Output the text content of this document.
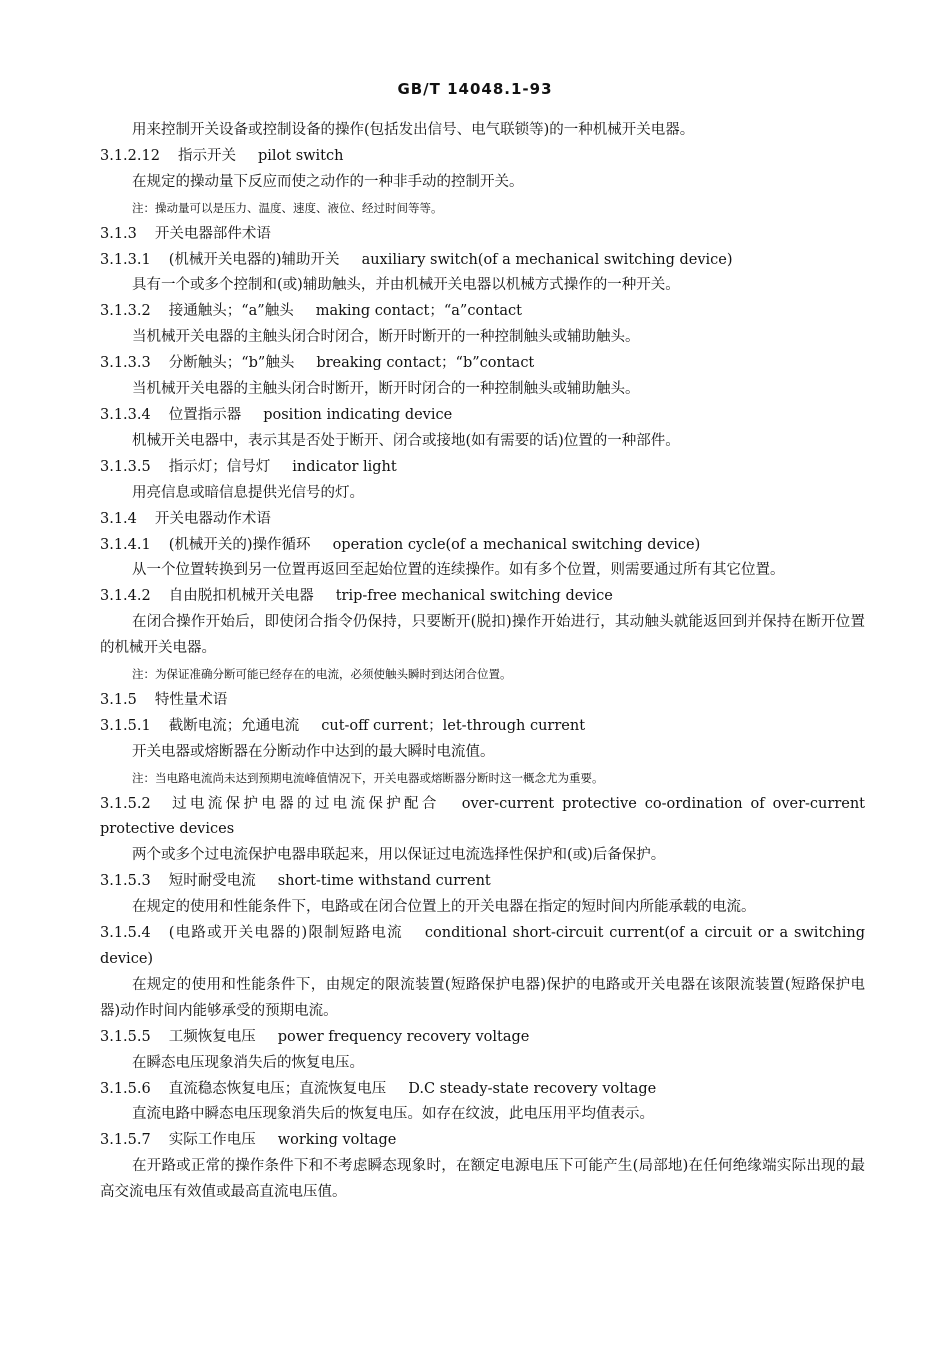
GB/T 14048.1-93
用来控制开关设备或控制设备的操作(包括发出信号、电气联锁等)的一种机械开关电器。
3.1.2.12 指示开关 pilot switch
在规定的操动量下反应而使之动作的一种非手动的控制开关。
注：操动量可以是压力、温度、速度、液位、经过时间等等。
3.1.3 开关电器部件术语
3.1.3.1 (机械开关电器的)辅助开关 auxiliary switch(of a mechanical switching device)
具有一个或多个控制和(或)辅助触头，并由机械开关电器以机械方式操作的一种开关。
3.1.3.2 接通触头；“a”触头 making contact；“a”contact
当机械开关电器的主触头闭合时闭合，断开时断开的一种控制触头或辅助触头。
3.1.3.3 分断触头；“b”触头 breaking contact；“b”contact
当机械开关电器的主触头闭合时断开，断开时闭合的一种控制触头或辅助触头。
3.1.3.4 位置指示器 position indicating device
机械开关电器中，表示其是否处于断开、闭合或接地(如有需要的话)位置的一种部件。
3.1.3.5 指示灯；信号灯 indicator light
用亮信息或暗信息提供光信号的灯。
3.1.4 开关电器动作术语
3.1.4.1 (机械开关的)操作循环 operation cycle(of a mechanical switching device)
从一个位置转换到另一位置再返回至起始位置的连续操作。如有多个位置，则需要通过所有其它位置。
3.1.4.2 自由脱扣机械开关电器 trip-free mechanical switching device
在闭合操作开始后，即使闭合指令仍保持，只要断开(脱扣)操作开始进行，其动触头就能返回到并保持在断开位置的机械开关电器。
注：为保证准确分断可能已经存在的电流，必须使触头瞬时到达闭合位置。
3.1.5 特性量术语
3.1.5.1 截断电流；允通电流 cut-off current；let-through current
开关电器或熔断器在分断动作中达到的最大瞬时电流值。
注：当电路电流尚未达到预期电流峰值情况下，开关电器或熔断器分断时这一概念尤为重要。
3.1.5.2 过电流保护电器的过电流保护配合 over-current protective co-ordination of over-current protective devices
两个或多个过电流保护电器串联起来，用以保证过电流选择性保护和(或)后备保护。
3.1.5.3 短时耐受电流 short-time withstand current
在规定的使用和性能条件下，电路或在闭合位置上的开关电器在指定的短时间内所能承载的电流。
3.1.5.4 (电路或开关电器的)限制短路电流 conditional short-circuit current(of a circuit or a switching device)
在规定的使用和性能条件下，由规定的限流装置(短路保护电器)保护的电路或开关电器在该限流装置(短路保护电器)动作时间内能够承受的预期电流。
3.1.5.5 工频恢复电压 power frequency recovery voltage
在瞬态电压现象消失后的恢复电压。
3.1.5.6 直流稳态恢复电压；直流恢复电压 D.C steady-state recovery voltage
直流电路中瞬态电压现象消失后的恢复电压。如存在纹波，此电压用平均值表示。
3.1.5.7 实际工作电压 working voltage
在开路或正常的操作条件下和不考虑瞬态现象时，在额定电源电压下可能产生(局部地)在任何绝缘端实际出现的最高交流电压有效值或最高直流电压值。
